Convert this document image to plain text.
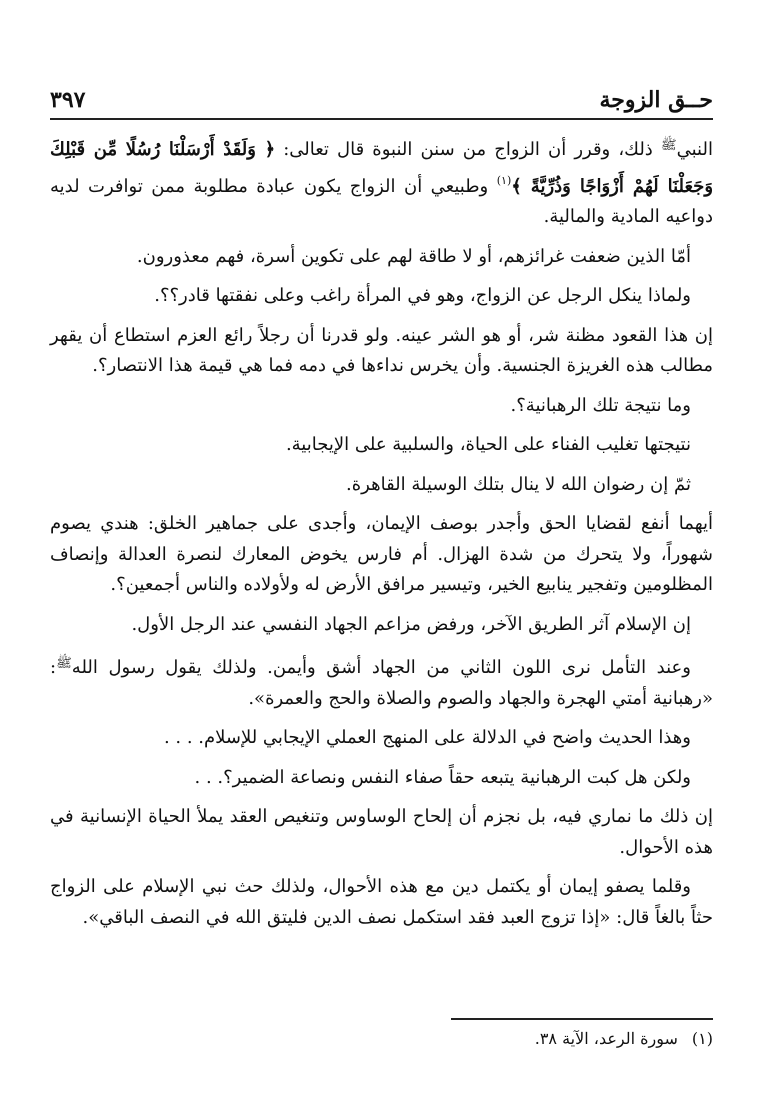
حــق الزوجة
٣٩٧

النبي$^ﷺ$ ذلك، وقرر أن الزواج من سنن النبوة قال تعالى: ﴿ وَلَقَدْ أَرْسَلْنَا رُسُلًا مِّن قَبْلِكَ وَجَعَلْنَا لَهُمْ أَزْوَاجًا وَذُرِّيَّةً ﴾$^{(١)}$ وطبيعي أن الزواج يكون عبادة مطلوبة ممن توافرت لديه دواعيه المادية والمالية.

أمّا الذين ضعفت غرائزهم، أو لا طاقة لهم على تكوين أسرة، فهم معذورون.

ولماذا ينكل الرجل عن الزواج، وهو في المرأة راغب وعلى نفقتها قادر؟؟.

إن هذا القعود مظنة شر، أو هو الشر عينه. ولو قدرنا أن رجلاً رائع العزم استطاع أن يقهر مطالب هذه الغريزة الجنسية. وأن يخرس نداءها في دمه فما هي قيمة هذا الانتصار؟.

وما نتيجة تلك الرهبانية؟.

نتيجتها تغليب الفناء على الحياة، والسلبية على الإيجابية.

ثمّ إن رضوان الله لا ينال بتلك الوسيلة القاهرة.

أيهما أنفع لقضايا الحق وأجدر بوصف الإيمان، وأجدى على جماهير الخلق: هندي يصوم شهوراً، ولا يتحرك من شدة الهزال. أم فارس يخوض المعارك لنصرة العدالة وإنصاف المظلومين وتفجير ينابيع الخير، وتيسير مرافق الأرض له ولأولاده والناس أجمعين؟.

إن الإسلام آثر الطريق الآخر، ورفض مزاعم الجهاد النفسي عند الرجل الأول.

وعند التأمل نرى اللون الثاني من الجهاد أشق وأيمن. ولذلك يقول رسول الله$^ﷺ$: «رهبانية أمتي الهجرة والجهاد والصوم والصلاة والحج والعمرة».

وهذا الحديث واضح في الدلالة على المنهج العملي الإيجابي للإسلام. . . .

ولكن هل كبت الرهبانية يتبعه حقاً صفاء النفس ونصاعة الضمير؟. . .

إن ذلك ما نماري فيه، بل نجزم أن إلحاح الوساوس وتنغيص العقد يملأ الحياة الإنسانية في هذه الأحوال.

وقلما يصفو إيمان أو يكتمل دين مع هذه الأحوال، ولذلك حث نبي الإسلام على الزواج حثاً بالغاً قال: «إذا تزوج العبد فقد استكمل نصف الدين فليتق الله في النصف الباقي».

(١)سورة الرعد، الآية ٣٨.
